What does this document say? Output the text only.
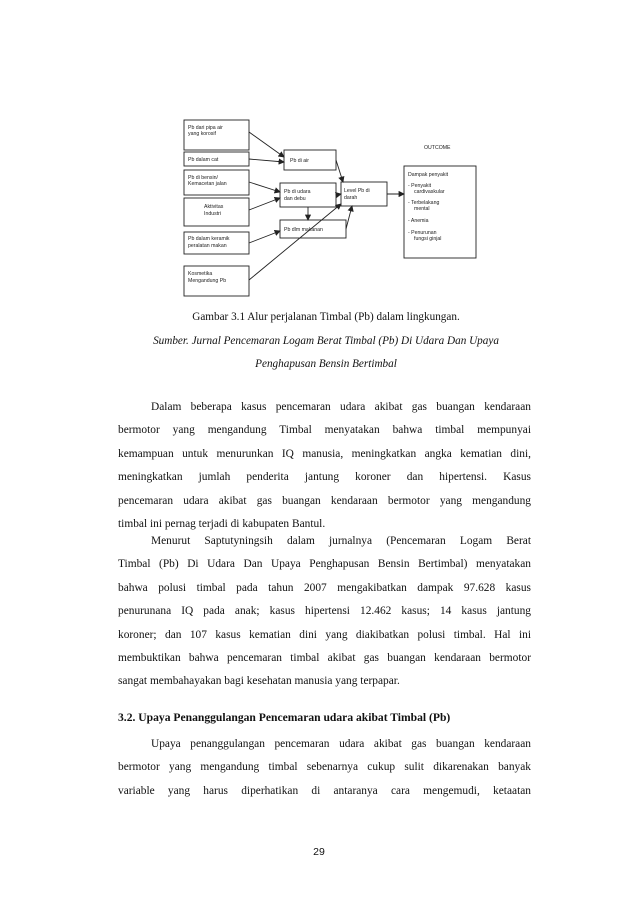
Pb dari pipa air
yang korosif
Pb dalam cat
Pb di bensin/
Kemacetan jalan
Aktivitas
Industri
Pb dalam keramik
peralatan makan
Kosmetika
Mengandung Pb
Pb di air
Pb di udara
dan debu
Pb dlm makanan
Level Pb di
darah
OUTCOME
Dampak penyakit
- Penyakit
cardivaskular
- Terbelakang
mental
- Anemia
- Penurunan
fungsi ginjal
Gambar 3.1 Alur perjalanan Timbal (Pb) dalam lingkungan.
Sumber. Jurnal Pencemaran Logam Berat Timbal (Pb) Di Udara Dan Upaya
Penghapusan Bensin Bertimbal
Dalam beberapa kasus pencemaran udara akibat gas buangan kendaraan
bermotor yang mengandung Timbal menyatakan bahwa timbal mempunyai
kemampuan untuk menurunkan IQ manusia, meningkatkan angka kematian dini,
meningkatkan jumlah penderita jantung koroner dan hipertensi. Kasus
pencemaran udara akibat gas buangan kendaraan bermotor yang mengandung
timbal ini pernag terjadi di kabupaten Bantul.
Menurut Saptutyningsih dalam jurnalnya (Pencemaran Logam Berat
Timbal (Pb) Di Udara Dan Upaya Penghapusan Bensin Bertimbal) menyatakan
bahwa polusi timbal pada tahun 2007 mengakibatkan dampak 97.628 kasus
penurunana IQ pada anak; kasus hipertensi 12.462 kasus; 14 kasus jantung
koroner; dan 107 kasus kematian dini yang diakibatkan polusi timbal. Hal ini
membuktikan bahwa pencemaran timbal akibat gas buangan kendaraan bermotor
sangat membahayakan bagi kesehatan manusia yang terpapar.
3.2. Upaya Penanggulangan Pencemaran udara akibat Timbal (Pb)
Upaya penanggulangan pencemaran udara akibat gas buangan kendaraan
bermotor yang mengandung timbal sebenarnya cukup sulit dikarenakan banyak
variable yang harus diperhatikan di antaranya cara mengemudi, ketaatan
29
